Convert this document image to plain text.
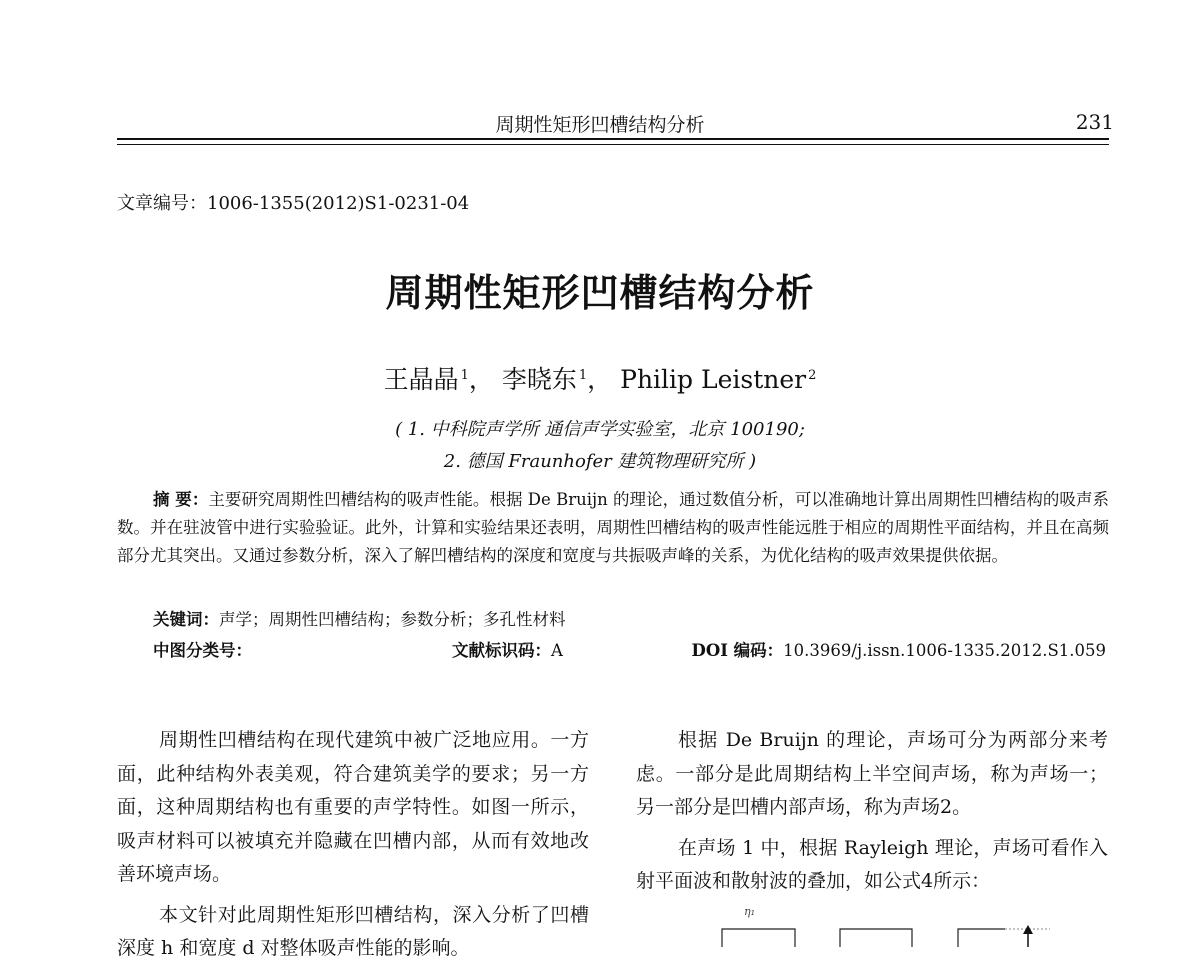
周期性矩形凹槽结构分析	231
文章编号：1006-1355(2012)S1-0231-04
周期性矩形凹槽结构分析
王晶晶 $^1$， 李晓东 $^1$， Philip Leistner $^2$
( 1. 中科院声学所 通信声学实验室，北京 100190;
2. 德国 Fraunhofer 建筑物理研究所 )
摘 要：主要研究周期性凹槽结构的吸声性能。根据 De Bruijn 的理论，通过数值分析，可以准确地计算出周期性凹槽结构的吸声系数。并在驻波管中进行实验验证。此外，计算和实验结果还表明，周期性凹槽结构的吸声性能远胜于相应的周期性平面结构，并且在高频部分尤其突出。又通过参数分析，深入了解凹槽结构的深度和宽度与共振吸声峰的关系，为优化结构的吸声效果提供依据。
关键词：声学；周期性凹槽结构；参数分析；多孔性材料
中图分类号：	文献标识码：A	DOI 编码：10.3969/j.issn.1006-1335.2012.S1.059

周期性凹槽结构在现代建筑中被广泛地应用。一方面，此种结构外表美观，符合建筑美学的要求；另一方面，这种周期结构也有重要的声学特性。如图一所示，吸声材料可以被填充并隐藏在凹槽内部，从而有效地改善环境声场。

本文针对此周期性矩形凹槽结构，深入分析了凹槽深度 h 和宽度 d 对整体吸声性能的影响。

根据 De Bruijn 的理论，声场可分为两部分来考虑。一部分是此周期结构上半空间声场，称为声场一；另一部分是凹槽内部声场，称为声场2。

在声场 1 中，根据 Rayleigh 理论，声场可看作入射平面波和散射波的叠加，如公式4所示：

η₁
